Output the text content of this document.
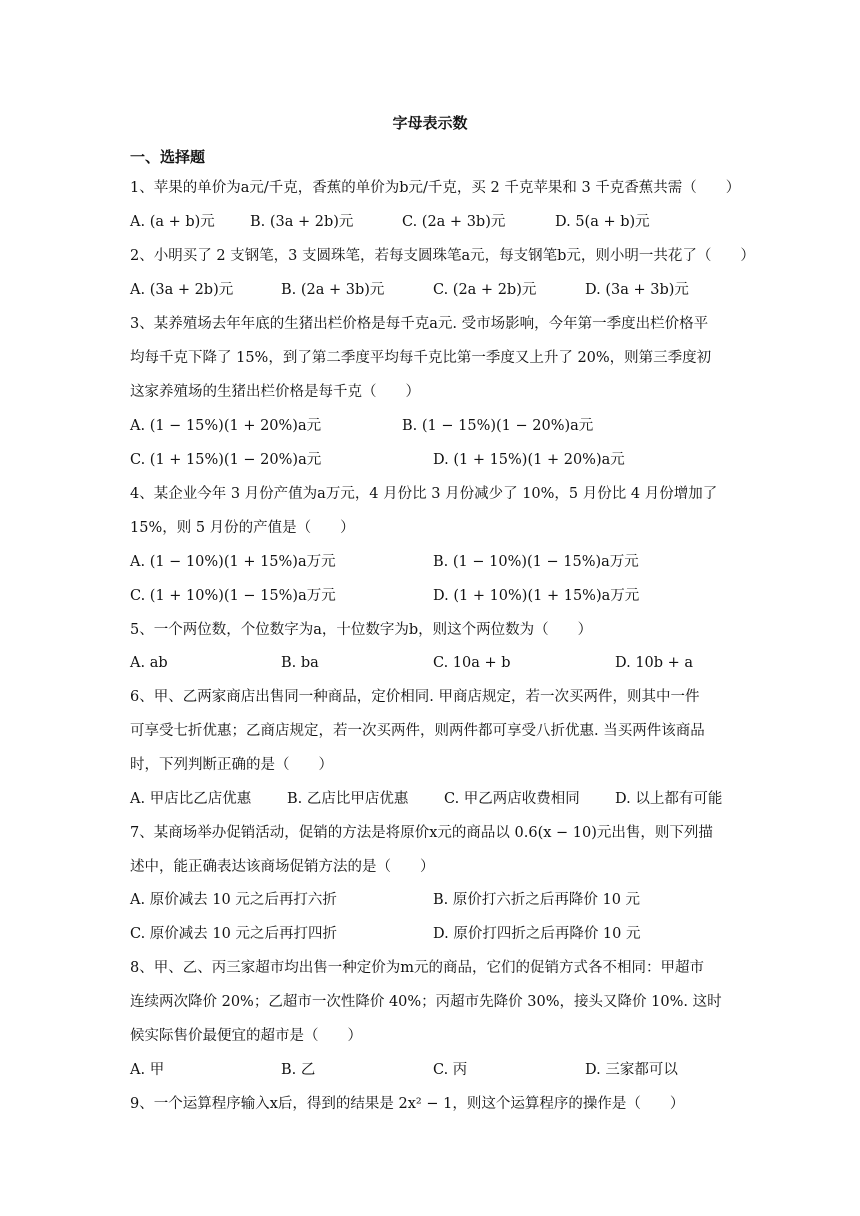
字母表示数
一、选择题
1、苹果的单价为a元/千克，香蕉的单价为b元/千克，买 2 千克苹果和 3 千克香蕉共需（　　）
A. (a + b)元 B. (3a + 2b)元	C. (2a + 3b)元	D. 5(a + b)元
2、小明买了 2 支钢笔，3 支圆珠笔，若每支圆珠笔a元，每支钢笔b元，则小明一共花了（　　）
A. (3a + 2b)元	B. (2a + 3b)元	C. (2a + 2b)元	D. (3a + 3b)元
3、某养殖场去年年底的生猪出栏价格是每千克a元. 受市场影响，今年第一季度出栏价格平
均每千克下降了 15%，到了第二季度平均每千克比第一季度又上升了 20%，则第三季度初
这家养殖场的生猪出栏价格是每千克（　　）
A. (1 − 15%)(1 + 20%)a元	B. (1 − 15%)(1 − 20%)a元
C. (1 + 15%)(1 − 20%)a元	D. (1 + 15%)(1 + 20%)a元
4、某企业今年 3 月份产值为a万元，4 月份比 3 月份减少了 10%，5 月份比 4 月份增加了
15%，则 5 月份的产值是（　　）
A. (1 − 10%)(1 + 15%)a万元	B. (1 − 10%)(1 − 15%)a万元
C. (1 + 10%)(1 − 15%)a万元	D. (1 + 10%)(1 + 15%)a万元
5、一个两位数，个位数字为a，十位数字为b，则这个两位数为（　　）
A. ab	B. ba	C. 10a + b	D. 10b + a
6、甲、乙两家商店出售同一种商品，定价相同. 甲商店规定，若一次买两件，则其中一件
可享受七折优惠；乙商店规定，若一次买两件，则两件都可享受八折优惠. 当买两件该商品
时，下列判断正确的是（　　）
A. 甲店比乙店优惠 B. 乙店比甲店优惠 C. 甲乙两店收费相同 D. 以上都有可能
7、某商场举办促销活动，促销的方法是将原价x元的商品以 0.6(x − 10)元出售，则下列描
述中，能正确表达该商场促销方法的是（　　）
A. 原价减去 10 元之后再打六折	B. 原价打六折之后再降价 10 元
C. 原价减去 10 元之后再打四折	D. 原价打四折之后再降价 10 元
8、甲、乙、丙三家超市均出售一种定价为m元的商品，它们的促销方式各不相同：甲超市
连续两次降价 20%；乙超市一次性降价 40%；丙超市先降价 30%，接头又降价 10%. 这时
候实际售价最便宜的超市是（　　）
A. 甲	B. 乙	C. 丙	D. 三家都可以
9、一个运算程序输入x后，得到的结果是 2x² − 1，则这个运算程序的操作是（　　）
